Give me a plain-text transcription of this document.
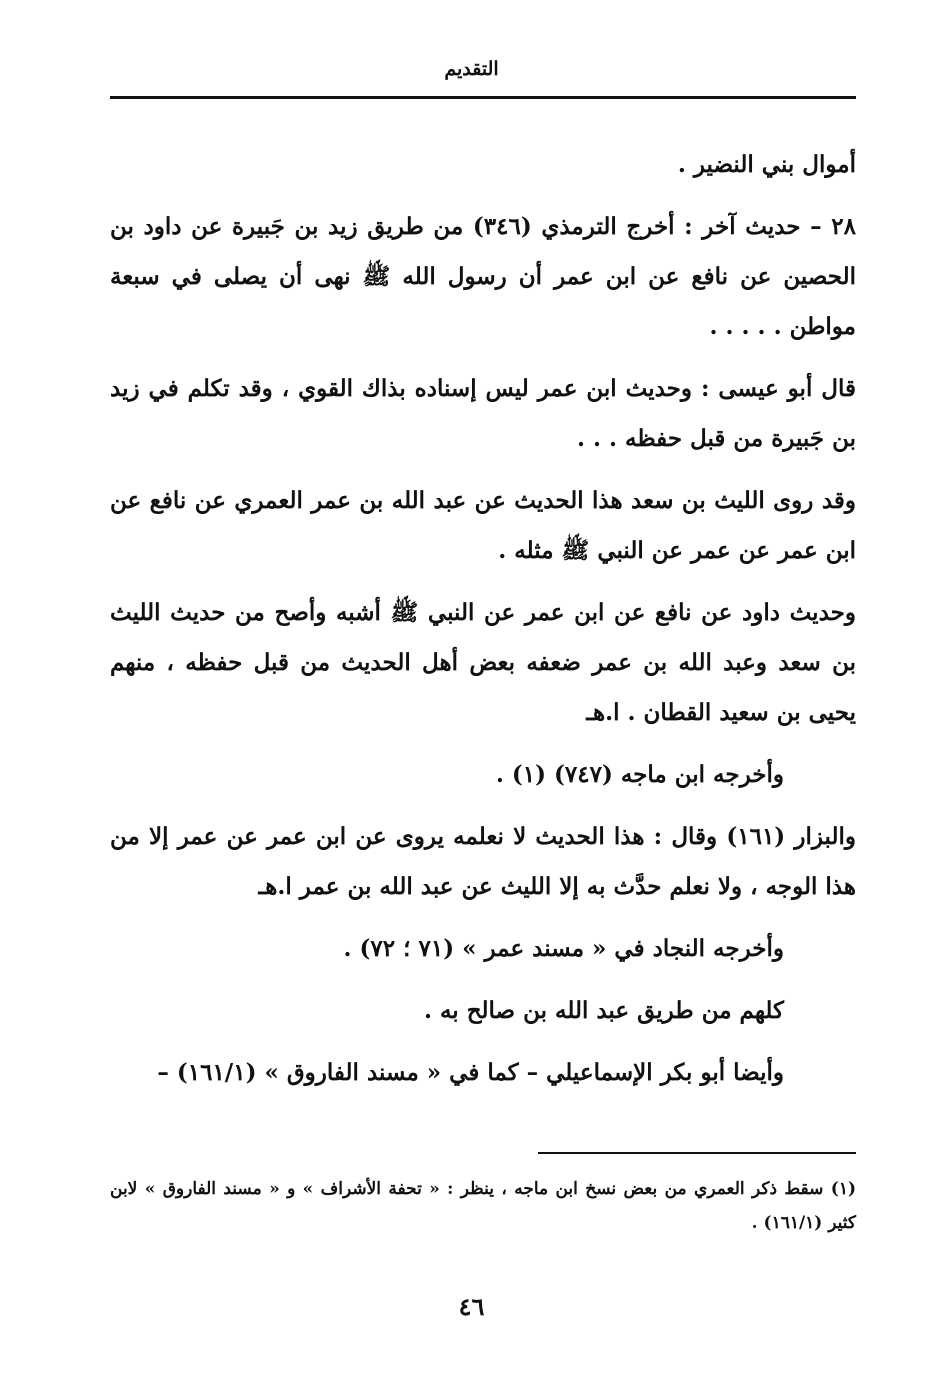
التقديم

أموال بني النضير .

٢٨ – حديث آخر : أخرج الترمذي (٣٤٦) من طريق زيد بن جَبيرة عن داود بن الحصين عن نافع عن ابن عمر أن رسول الله ﷺ نهى أن يصلى في سبعة مواطن . . . . .

قال أبو عيسى : وحديث ابن عمر ليس إسناده بذاك القوي ، وقد تكلم في زيد بن جَبيرة من قبل حفظه . . .

وقد روى الليث بن سعد هذا الحديث عن عبد الله بن عمر العمري عن نافع عن ابن عمر عن عمر عن النبي ﷺ مثله .

وحديث داود عن نافع عن ابن عمر عن النبي ﷺ أشبه وأصح من حديث الليث بن سعد وعبد الله بن عمر ضعفه بعض أهل الحديث من قبل حفظه ، منهم يحيى بن سعيد القطان . ا.هـ

وأخرجه ابن ماجه (٧٤٧) (١) .

والبزار (١٦١) وقال : هذا الحديث لا نعلمه يروى عن ابن عمر عن عمر إلا من هذا الوجه ، ولا نعلم حدَّث به إلا الليث عن عبد الله بن عمر ا.هـ

وأخرجه النجاد في « مسند عمر » (٧١ ؛ ٧٢) .

كلهم من طريق عبد الله بن صالح به .

وأيضا أبو بكر الإسماعيلي – كما في « مسند الفاروق » (١٦١/١) –

(١) سقط ذكر العمري من بعض نسخ ابن ماجه ، ينظر : « تحفة الأشراف » و « مسند الفاروق » لابن كثير (١٦١/١) .
٤٦
